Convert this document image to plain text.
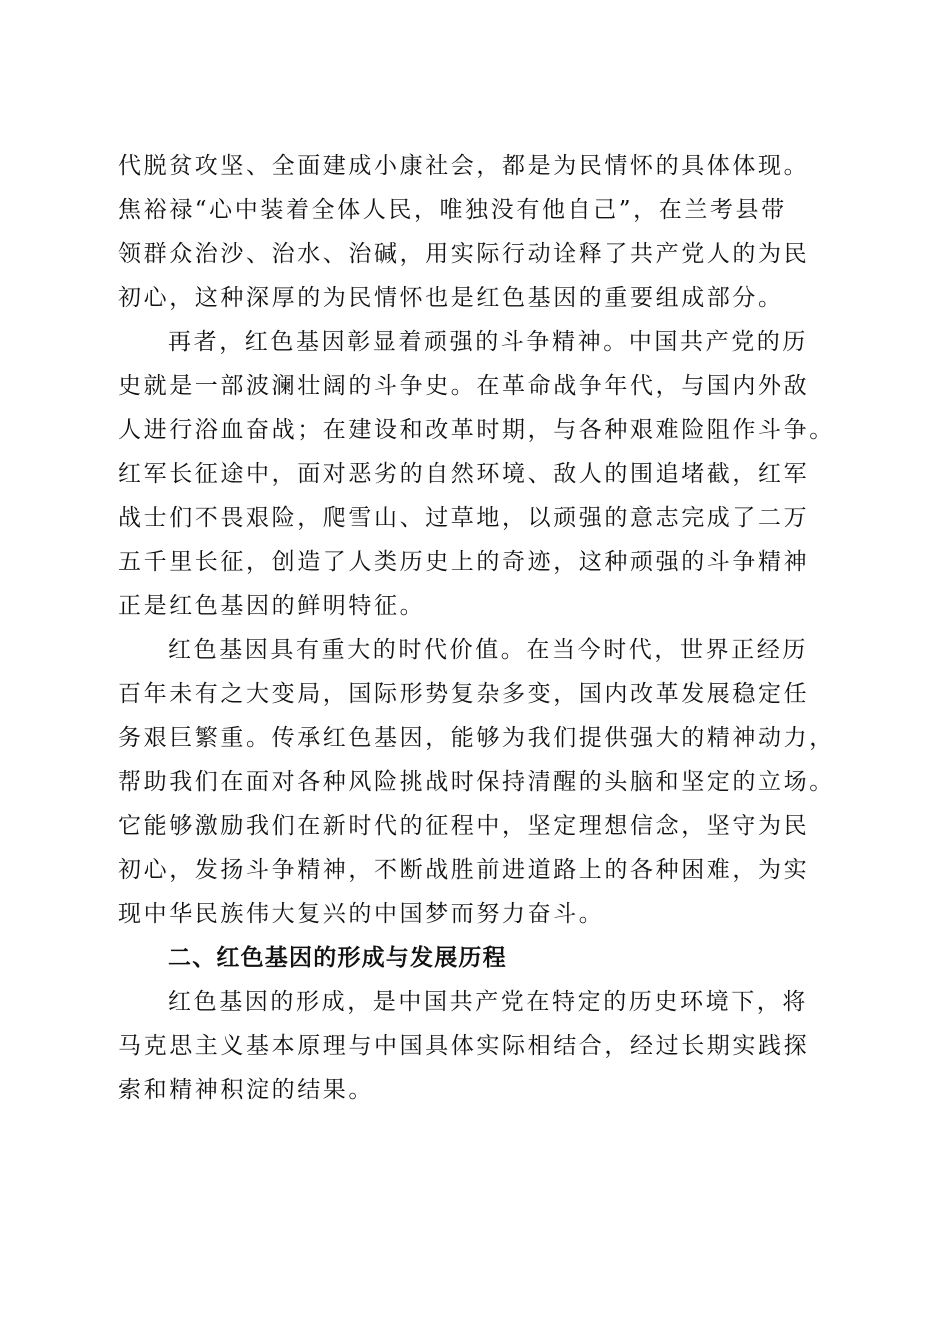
代脱贫攻坚、全面建成小康社会，都是为民情怀的具体体现。
焦裕禄“心中装着全体人民，唯独没有他自己”，在兰考县带
领群众治沙、治水、治碱，用实际行动诠释了共产党人的为民
初心，这种深厚的为民情怀也是红色基因的重要组成部分。
再者，红色基因彰显着顽强的斗争精神。中国共产党的历
史就是一部波澜壮阔的斗争史。在革命战争年代，与国内外敌
人进行浴血奋战；在建设和改革时期，与各种艰难险阻作斗争。
红军长征途中，面对恶劣的自然环境、敌人的围追堵截，红军
战士们不畏艰险，爬雪山、过草地，以顽强的意志完成了二万
五千里长征，创造了人类历史上的奇迹，这种顽强的斗争精神
正是红色基因的鲜明特征。
红色基因具有重大的时代价值。在当今时代，世界正经历
百年未有之大变局，国际形势复杂多变，国内改革发展稳定任
务艰巨繁重。传承红色基因，能够为我们提供强大的精神动力，
帮助我们在面对各种风险挑战时保持清醒的头脑和坚定的立场。
它能够激励我们在新时代的征程中，坚定理想信念，坚守为民
初心，发扬斗争精神，不断战胜前进道路上的各种困难，为实
现中华民族伟大复兴的中国梦而努力奋斗。
二、红色基因的形成与发展历程
红色基因的形成，是中国共产党在特定的历史环境下，将
马克思主义基本原理与中国具体实际相结合，经过长期实践探
索和精神积淀的结果。
